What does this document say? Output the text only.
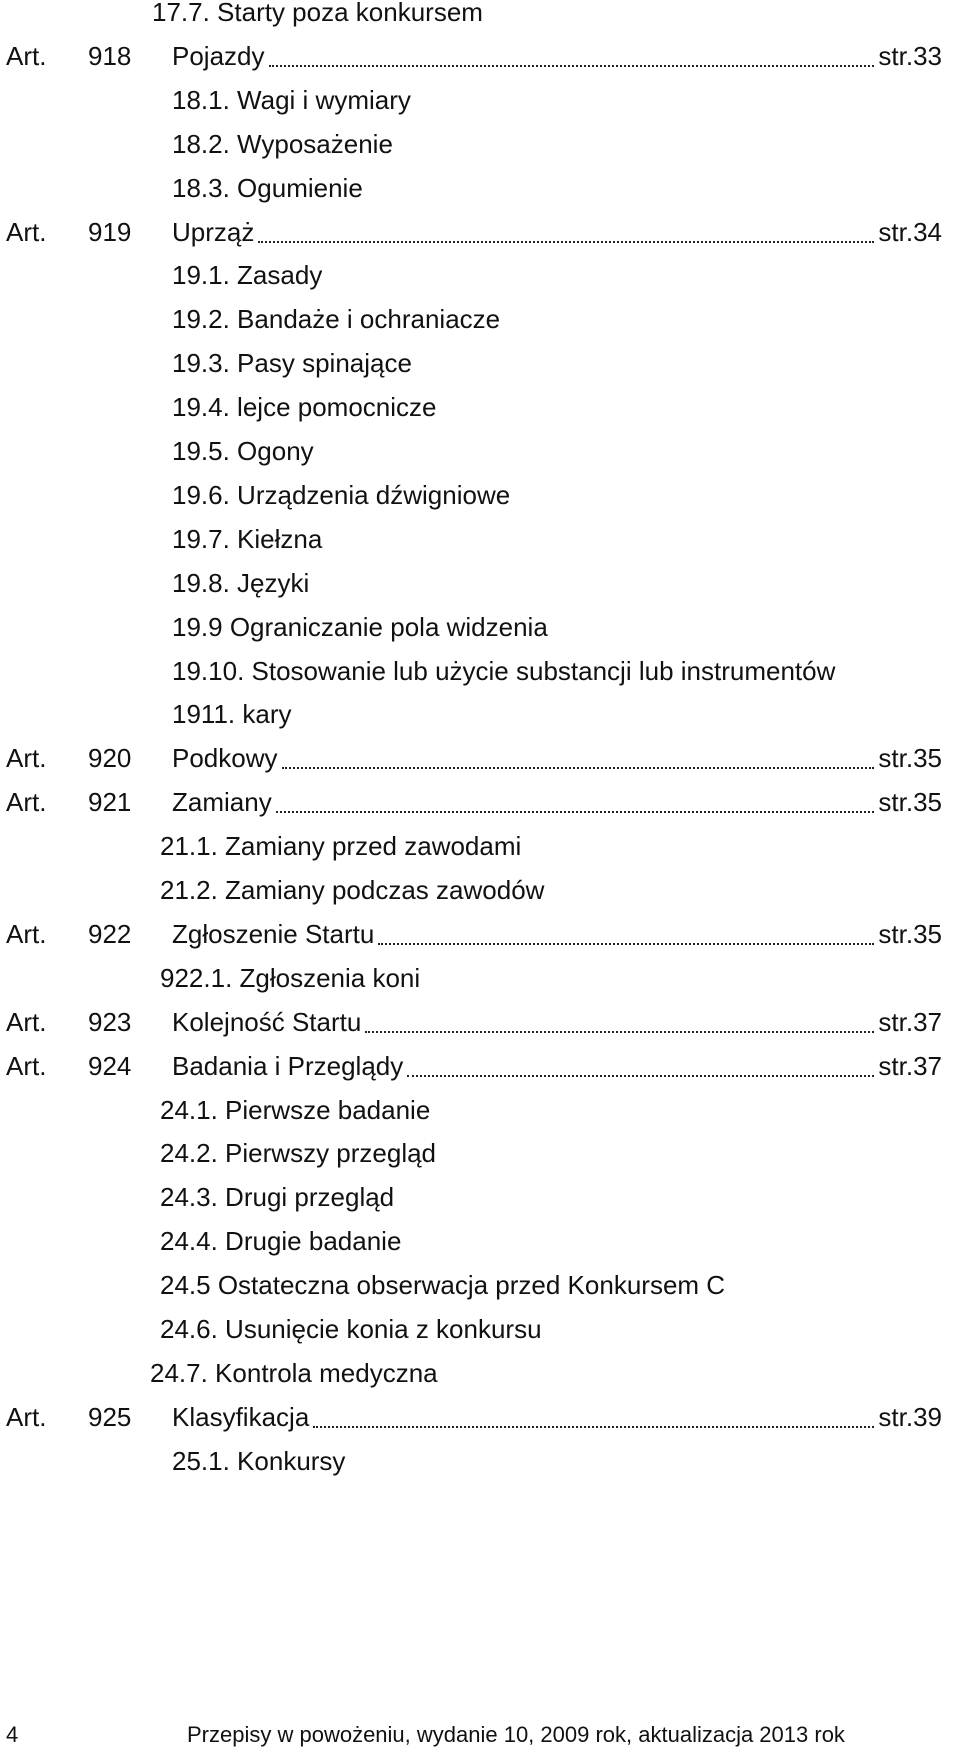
17.7. Starty poza konkursem
Art. 918 Pojazdy	str.33
18.1. Wagi i wymiary
18.2. Wyposażenie
18.3. Ogumienie
Art. 919 Uprząż	str.34
19.1. Zasady
19.2. Bandaże i ochraniacze
19.3. Pasy spinające
19.4. lejce pomocnicze
19.5. Ogony
19.6. Urządzenia dźwigniowe
19.7. Kiełzna
19.8. Języki
19.9 Ograniczanie pola widzenia
19.10. Stosowanie lub użycie substancji lub instrumentów
1911. kary
Art. 920 Podkowy	str.35
Art. 921 Zamiany	str.35
21.1. Zamiany przed zawodami
21.2. Zamiany podczas zawodów
Art. 922 Zgłoszenie Startu	str.35
922.1. Zgłoszenia koni
Art. 923 Kolejność Startu	str.37
Art. 924 Badania i Przeglądy	str.37
24.1. Pierwsze badanie
24.2. Pierwszy przegląd
24.3. Drugi przegląd
24.4. Drugie badanie
24.5 Ostateczna obserwacja przed Konkursem C
24.6. Usunięcie konia z konkursu
24.7. Kontrola medyczna
Art. 925 Klasyfikacja	str.39
25.1. Konkursy
4	Przepisy w powożeniu, wydanie 10, 2009 rok, aktualizacja 2013 rok
